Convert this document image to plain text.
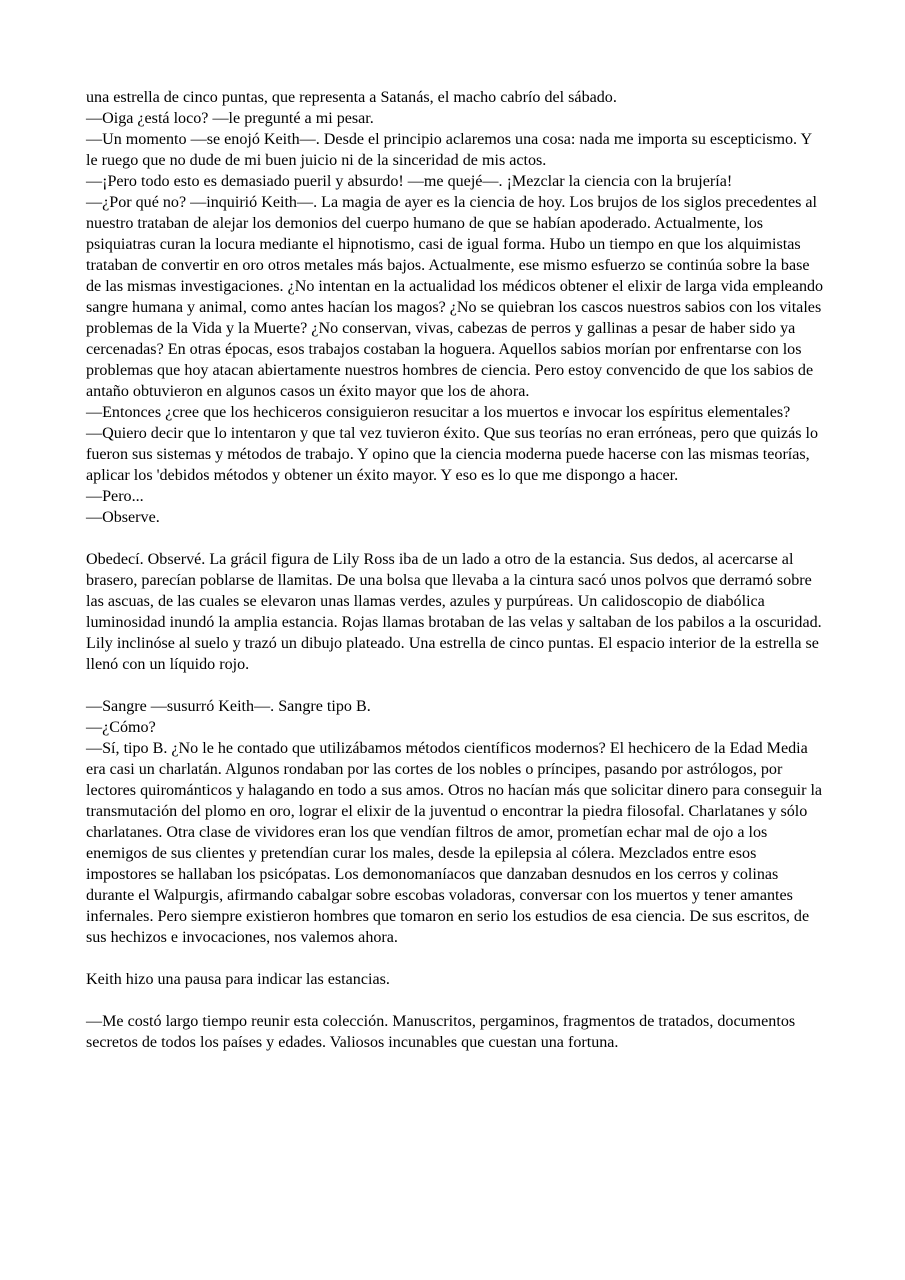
una estrella de cinco puntas, que representa a Satanás, el macho cabrío del sábado.

—Oiga ¿está loco? —le pregunté a mi pesar.

—Un momento —se enojó Keith—. Desde el principio aclaremos una cosa: nada me importa su escepticismo. Y le ruego que no dude de mi buen juicio ni de la sinceridad de mis actos.

—¡Pero todo esto es demasiado pueril y absurdo! —me quejé—. ¡Mezclar la ciencia con la brujería!

—¿Por qué no? —inquirió Keith—. La magia de ayer es la ciencia de hoy. Los brujos de los siglos precedentes al nuestro trataban de alejar los demonios del cuerpo humano de que se habían apoderado. Actualmente, los psiquiatras curan la locura mediante el hipnotismo, casi de igual forma. Hubo un tiempo en que los alquimistas trataban de convertir en oro otros metales más bajos. Actualmente, ese mismo esfuerzo se continúa sobre la base de las mismas investigaciones. ¿No intentan en la actualidad los médicos obtener el elixir de larga vida empleando sangre humana y animal, como antes hacían los magos? ¿No se quiebran los cascos nuestros sabios con los vitales problemas de la Vida y la Muerte? ¿No conservan, vivas, cabezas de perros y gallinas a pesar de haber sido ya cercenadas? En otras épocas, esos trabajos costaban la hoguera. Aquellos sabios morían por enfrentarse con los problemas que hoy atacan abiertamente nuestros hombres de ciencia. Pero estoy convencido de que los sabios de antaño obtuvieron en algunos casos un éxito mayor que los de ahora.

—Entonces ¿cree que los hechiceros consiguieron resucitar a los muertos e invocar los espíritus elementales?

—Quiero decir que lo intentaron y que tal vez tuvieron éxito. Que sus teorías no eran erróneas, pero que quizás lo fueron sus sistemas y métodos de trabajo. Y opino que la ciencia moderna puede hacerse con las mismas teorías, aplicar los 'debidos métodos y obtener un éxito mayor. Y eso es lo que me dispongo a hacer.

—Pero...

—Observe.

Obedecí. Observé. La grácil figura de Lily Ross iba de un lado a otro de la estancia. Sus dedos, al acercarse al brasero, parecían poblarse de llamitas. De una bolsa que llevaba a la cintura sacó unos polvos que derramó sobre las ascuas, de las cuales se elevaron unas llamas verdes, azules y purpúreas. Un calidoscopio de diabólica luminosidad inundó la amplia estancia. Rojas llamas brotaban de las velas y saltaban de los pabilos a la oscuridad. Lily inclinóse al suelo y trazó un dibujo plateado. Una estrella de cinco puntas. El espacio interior de la estrella se llenó con un líquido rojo.

—Sangre —susurró Keith—. Sangre tipo B.

—¿Cómo?

—Sí, tipo B. ¿No le he contado que utilizábamos métodos científicos modernos? El hechicero de la Edad Media era casi un charlatán. Algunos rondaban por las cortes de los nobles o príncipes, pasando por astrólogos, por lectores quirománticos y halagando en todo a sus amos. Otros no hacían más que solicitar dinero para conseguir la transmutación del plomo en oro, lograr el elixir de la juventud o encontrar la piedra filosofal. Charlatanes y sólo charlatanes. Otra clase de vividores eran los que vendían filtros de amor, prometían echar mal de ojo a los enemigos de sus clientes y pretendían curar los males, desde la epilepsia al cólera. Mezclados entre esos impostores se hallaban los psicópatas. Los demonomaníacos que danzaban desnudos en los cerros y colinas durante el Walpurgis, afirmando cabalgar sobre escobas voladoras, conversar con los muertos y tener amantes infernales. Pero siempre existieron hombres que tomaron en serio los estudios de esa ciencia. De sus escritos, de sus hechizos e invocaciones, nos valemos ahora.

Keith hizo una pausa para indicar las estancias.

—Me costó largo tiempo reunir esta colección. Manuscritos, pergaminos, fragmentos de tratados, documentos secretos de todos los países y edades. Valiosos incunables que cuestan una fortuna.
